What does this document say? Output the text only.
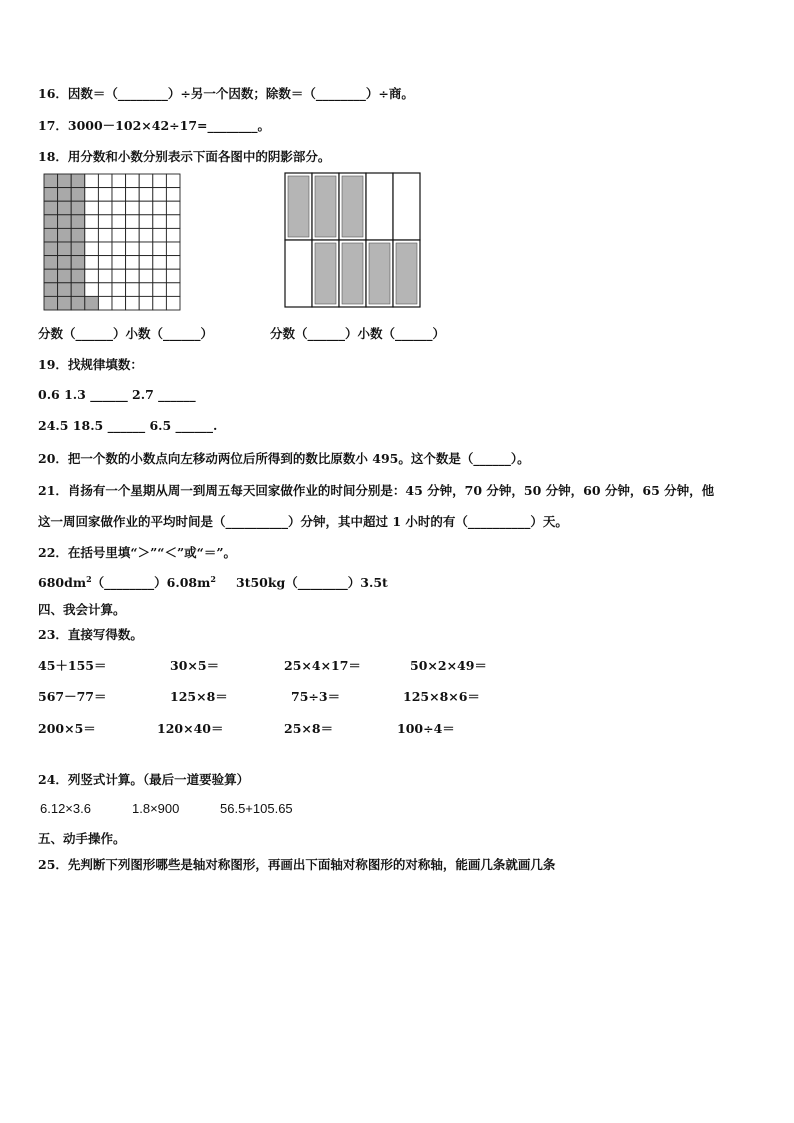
16．因数＝（________）÷另一个因数；除数＝（________）÷商。
17．3000－102×42÷17=________。
18．用分数和小数分别表示下面各图中的阴影部分。
分数（______）小数（______）	分数（______）小数（______）
19．找规律填数：
0.6 1.3 ______ 2.7 ______
24.5 18.5 ______ 6.5 ______.
20．把一个数的小数点向左移动两位后所得到的数比原数小 495。这个数是（______）。
21．肖扬有一个星期从周一到周五每天回家做作业的时间分别是：45 分钟，70 分钟，50 分钟，60 分钟，65 分钟，他
这一周回家做作业的平均时间是（__________）分钟，其中超过 1 小时的有（__________）天。
22．在括号里填“＞”“＜”或“＝”。
$680dm^2(\_\_\_\_\_\_\_\_)6.08m^2$ 3t50kg（________）3.5t
四、我会计算。
23．直接写得数。
45＋155＝	30×5＝	25×4×17＝	50×2×49＝
567－77＝	125×8＝	75÷3＝	125×8×6＝
200×5＝	120×40＝	25×8＝	100÷4＝
24．列竖式计算。（最后一道要验算）
6.12×3.6	1.8×900	56.5+105.65
五、动手操作。
25．先判断下列图形哪些是轴对称图形，再画出下面轴对称图形的对称轴，能画几条就画几条
